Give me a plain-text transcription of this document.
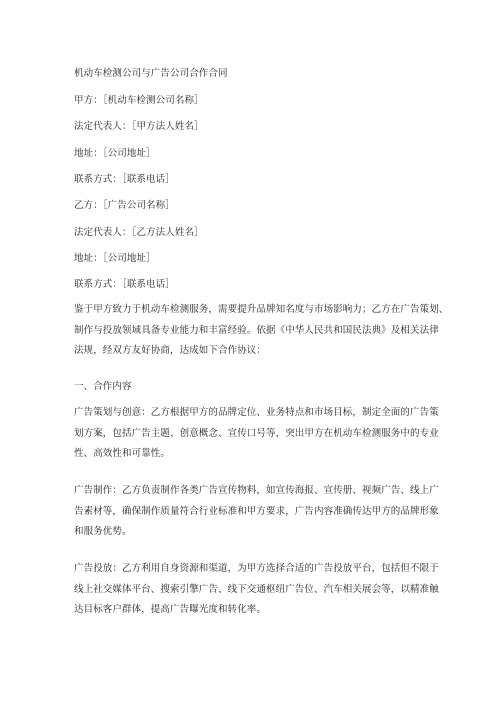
机动车检测公司与广告公司合作合同

甲方：［机动车检测公司名称］

法定代表人：［甲方法人姓名］

地址：［公司地址］

联系方式：［联系电话］

乙方：［广告公司名称］

法定代表人：［乙方法人姓名］

地址：［公司地址］

联系方式：［联系电话］

鉴于甲方致力于机动车检测服务，需要提升品牌知名度与市场影响力；乙方在广告策划、
制作与投放领域具备专业能力和丰富经验。依据《中华人民共和国民法典》及相关法律
法规，经双方友好协商，达成如下合作协议：

一、合作内容

广告策划与创意：乙方根据甲方的品牌定位、业务特点和市场目标，制定全面的广告策
划方案，包括广告主题、创意概念、宣传口号等，突出甲方在机动车检测服务中的专业
性、高效性和可靠性。
广告制作：乙方负责制作各类广告宣传物料，如宣传海报、宣传册、视频广告、线上广
告素材等，确保制作质量符合行业标准和甲方要求，广告内容准确传达甲方的品牌形象
和服务优势。
广告投放：乙方利用自身资源和渠道，为甲方选择合适的广告投放平台，包括但不限于
线上社交媒体平台、搜索引擎广告、线下交通枢纽广告位、汽车相关展会等，以精准触
达目标客户群体，提高广告曝光度和转化率。
